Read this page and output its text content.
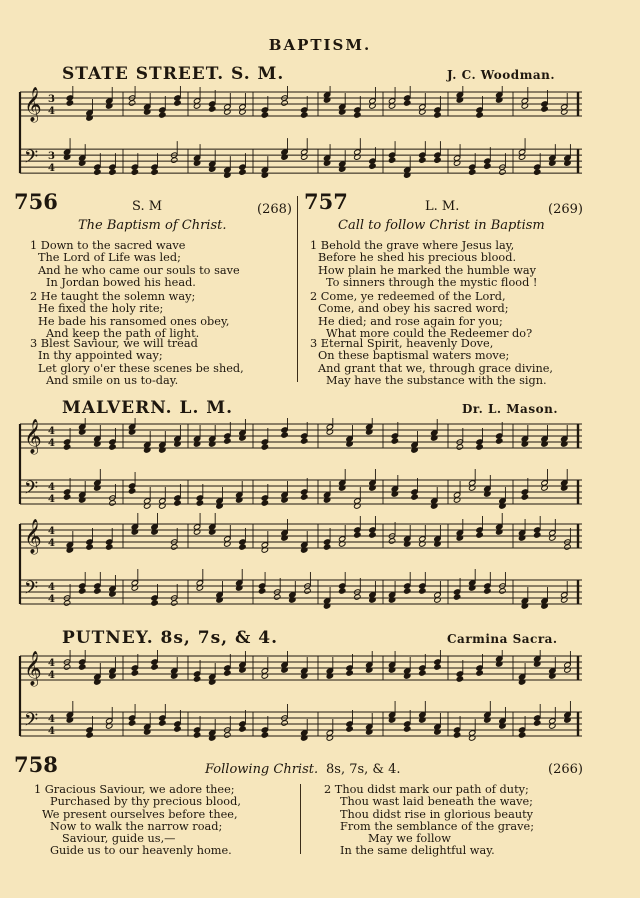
BAPTISM.
STATE STREET. S. M.	J. C. Woodman.
𝄞 3
4
𝄢 3
4
756	S. M	(268)
The Baptism of Christ.
1 Down to the sacred wave
The Lord of Life was led;
And he who came our souls to save
In Jordan bowed his head.
2 He taught the solemn way;
He fixed the holy rite;
He bade his ransomed ones obey,
And keep the path of light.
3 Blest Saviour, we will tread
In thy appointed way;
Let glory o'er these scenes be shed,
And smile on us to-day.
757	L. M.	(269)
Call to follow Christ in Baptism
1 Behold the grave where Jesus lay,
Before he shed his precious blood.
How plain he marked the humble way
To sinners through the mystic flood !
2 Come, ye redeemed of the Lord,
Come, and obey his sacred word;
He died; and rose again for you;
What more could the Redeemer do?
3 Eternal Spirit, heavenly Dove,
On these baptismal waters move;
And grant that we, through grace divine,
May have the substance with the sign.
MALVERN. L. M.	Dr. L. Mason.
𝄞 4
4
𝄢 4
4
𝄞 4
4
𝄢 4
4
PUTNEY. 8s, 7s, & 4.	Carmina Sacra.
𝄞 4
4
𝄢 4
4
758	Following Christ. 8s, 7s, & 4.	(266)
1 Gracious Saviour, we adore thee;
Purchased by thy precious blood,
We present ourselves before thee,
Now to walk the narrow road;
Saviour, guide us,—
Guide us to our heavenly home.
2 Thou didst mark our path of duty;
Thou wast laid beneath the wave;
Thou didst rise in glorious beauty
From the semblance of the grave;
May we follow
In the same delightful way.
